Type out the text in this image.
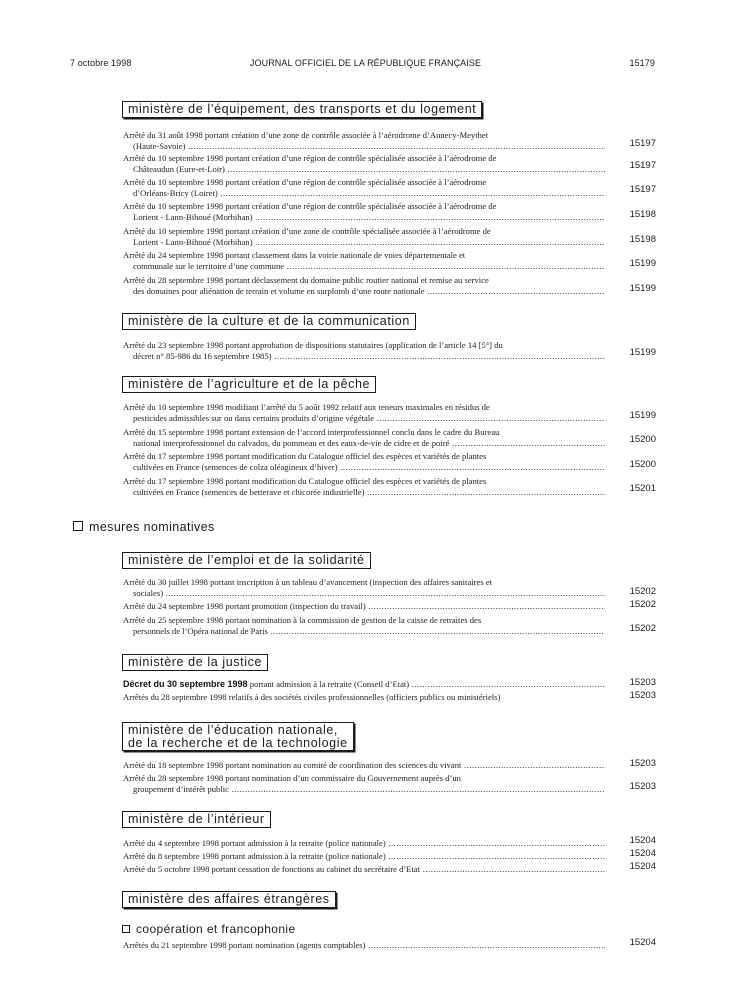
7 octobre 1998	JOURNAL OFFICIEL DE LA RÉPUBLIQUE FRANÇAISE	15179
ministère de l’équipement, des transports et du logement
Arrêté du 31 août 1998 portant création d’une zone de contrôle associée à l’aérodrome d’Annecy-Meythet
(Haute-Savoie) .....	15197
Arrêté du 10 septembre 1998 portant création d’une région de contrôle spécialisée associée à l’aérodrome de
Châteaudun (Eure-et-Loir) .....	15197
Arrêté du 10 septembre 1998 portant création d’une région de contrôle spécialisée associée à l’aérodrome
d’Orléans-Bricy (Loiret) .....	15197
Arrêté du 10 septembre 1998 portant création d’une région de contrôle spécialisée associée à l’aérodrome de
Lorient - Lann-Bihoué (Morbihan) .....	15198
Arrêté du 10 septembre 1998 portant création d’une zone de contrôle spécialisée associée à l’aérodrome de
Lorient - Lann-Bihoué (Morbihan) .....	15198
Arrêté du 24 septembre 1998 portant classement dans la voirie nationale de voies départementale et
communale sur le territoire d’une commune .....	15199
Arrêté du 28 septembre 1998 portant déclassement du domaine public routier national et remise au service
des domaines pour aliénation de terrain et volume en surplomb d’une route nationale .....	15199
ministère de la culture et de la communication
Arrêté du 23 septembre 1998 portant approbation de dispositions statutaires (application de l’article 14 [5°] du
décret n° 85-986 du 16 septembre 1985) .....	15199
ministère de l’agriculture et de la pêche
Arrêté du 10 septembre 1998 modifiant l’arrêté du 5 août 1992 relatif aux teneurs maximales en résidus de
pesticides admissibles sur ou dans certains produits d’origine végétale .....	15199
Arrêté du 15 septembre 1998 portant extension de l’accord interprofessionnel conclu dans le cadre du Bureau
national interprofessionnel du calvados, du pommeau et des eaux-de-vie de cidre et de poiré .....	15200
Arrêté du 17 septembre 1998 portant modification du Catalogue officiel des espèces et variétés de plantes
cultivées en France (semences de colza oléagineux d’hiver) .....	15200
Arrêté du 17 septembre 1998 portant modification du Catalogue officiel des espèces et variétés de plantes
cultivées en France (semences de betterave et chicorée industrielle) .....	15201
mesures nominatives
ministère de l’emploi et de la solidarité
Arrêté du 30 juillet 1998 portant inscription à un tableau d’avancement (inspection des affaires sanitaires et
sociales) .....	15202
Arrêté du 24 septembre 1998 portant promotion (inspection du travail) .....	15202
Arrêté du 25 septembre 1998 portant nomination à la commission de gestion de la caisse de retraites des
personnels de l’Opéra national de Paris .....	15202
ministère de la justice
Décret du 30 septembre 1998 portant admission à la retraite (Conseil d’Etat) .....	15203
Arrêtés du 28 septembre 1998 relatifs à des sociétés civiles professionnelles (officiers publics ou ministériels)	15203
ministère de l’éducation nationale,
de la recherche et de la technologie
Arrêté du 18 septembre 1998 portant nomination au comité de coordination des sciences du vivant .....	15203
Arrêté du 28 septembre 1998 portant nomination d’un commissaire du Gouvernement auprès d’un
groupement d’intérêt public .....	15203
ministère de l’intérieur
Arrêté du 4 septembre 1998 portant admission à la retraite (police nationale) .....	15204
Arrêté du 8 septembre 1998 portant admission à la retraite (police nationale) .....	15204
Arrêté du 5 octobre 1998 portant cessation de fonctions au cabinet du secrétaire d’Etat .....	15204
ministère des affaires étrangères
coopération et francophonie
Arrêtés du 21 septembre 1998 portant nomination (agents comptables) .....	15204
